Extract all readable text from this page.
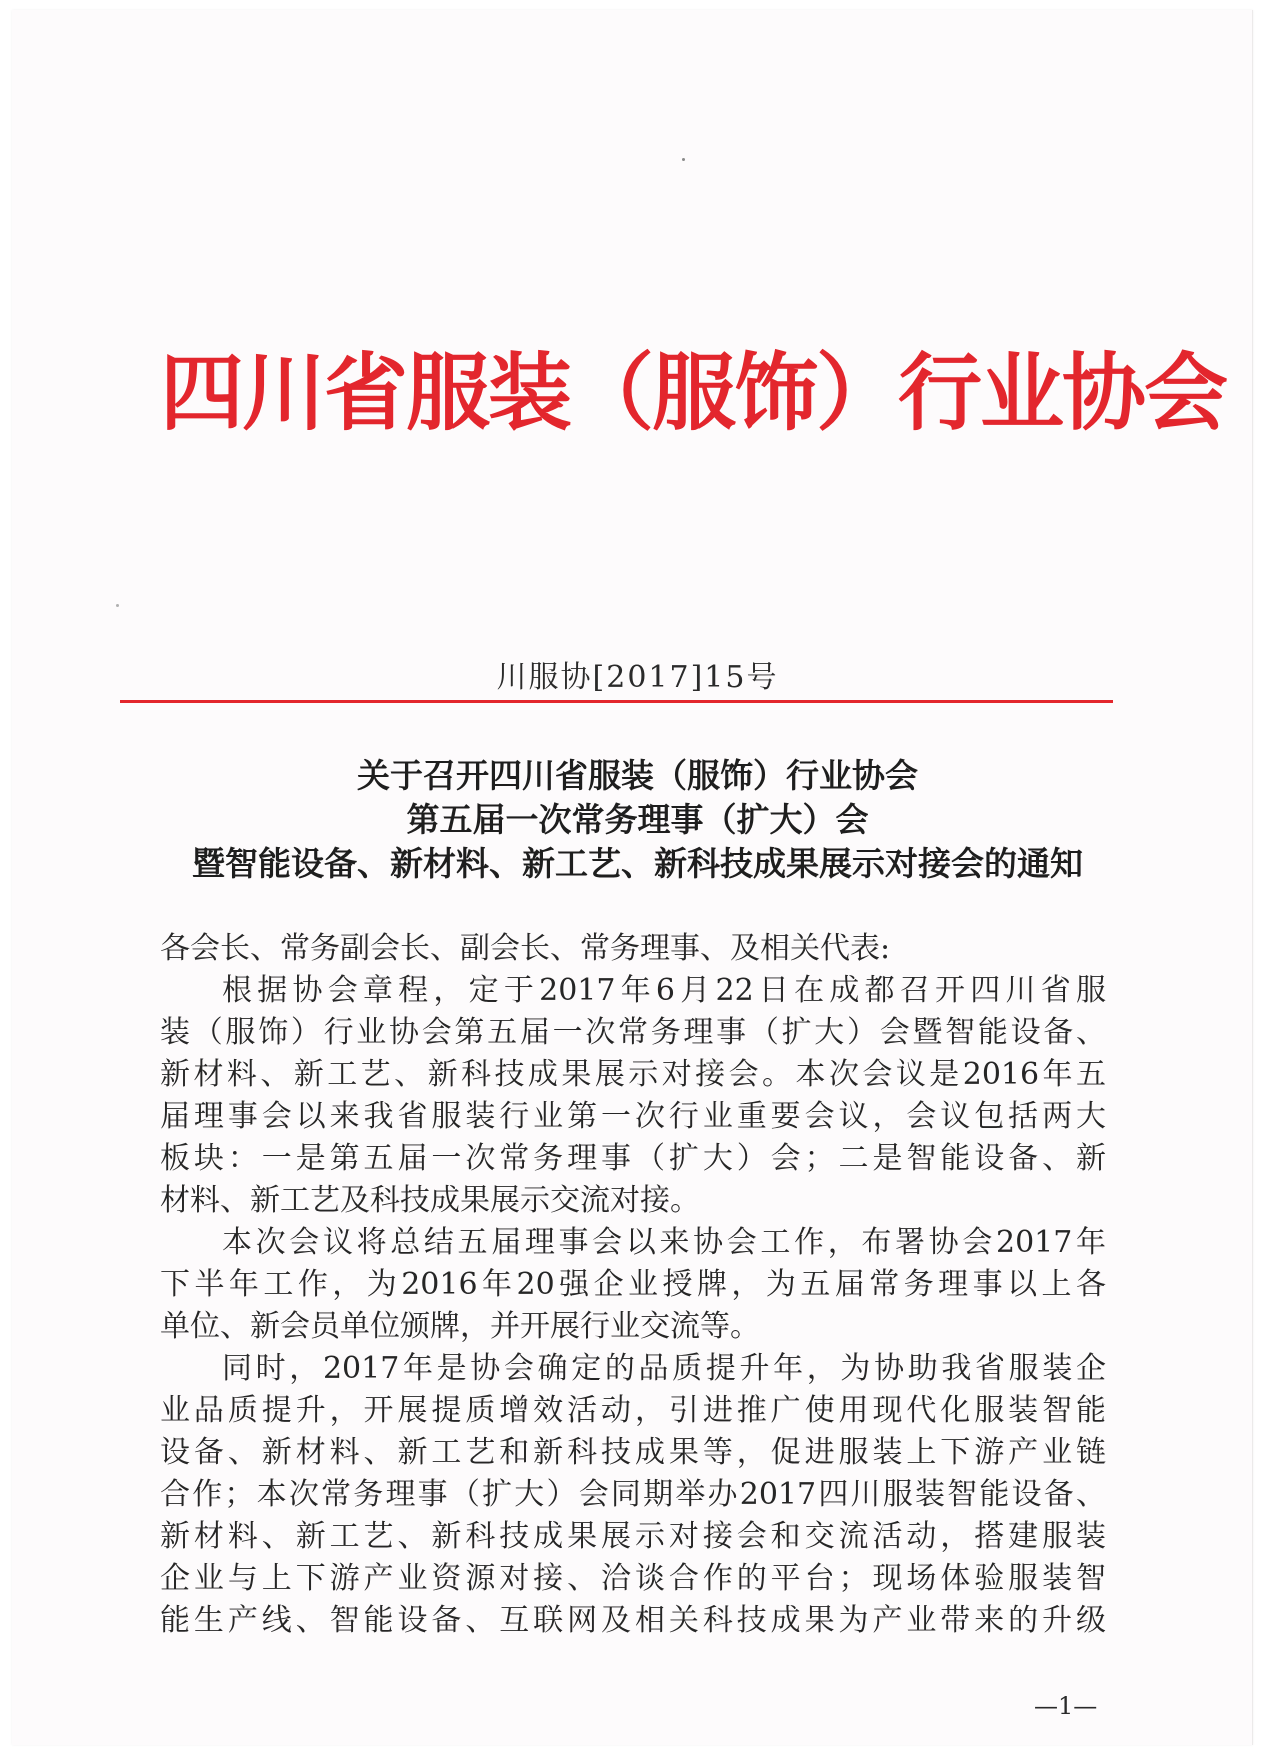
四川省服装（服饰）行业协会
川服协[2017]15号
关于召开四川省服装（服饰）行业协会
第五届一次常务理事（扩大）会
暨智能设备、新材料、新工艺、新科技成果展示对接会的通知
各会长、常务副会长、副会长、常务理事、及相关代表:
根据协会章程，定于2017年6月22日在成都召开四川省服
装（服饰）行业协会第五届一次常务理事（扩大）会暨智能设备、
新材料、新工艺、新科技成果展示对接会。本次会议是2016年五
届理事会以来我省服装行业第一次行业重要会议，会议包括两大
板块：一是第五届一次常务理事（扩大）会；二是智能设备、新
材料、新工艺及科技成果展示交流对接。
本次会议将总结五届理事会以来协会工作，布署协会2017年
下半年工作，为2016年20强企业授牌，为五届常务理事以上各
单位、新会员单位颁牌，并开展行业交流等。
同时，2017年是协会确定的品质提升年，为协助我省服装企
业品质提升，开展提质增效活动，引进推广使用现代化服装智能
设备、新材料、新工艺和新科技成果等，促进服装上下游产业链
合作；本次常务理事（扩大）会同期举办2017四川服装智能设备、
新材料、新工艺、新科技成果展示对接会和交流活动，搭建服装
企业与上下游产业资源对接、洽谈合作的平台；现场体验服装智
能生产线、智能设备、互联网及相关科技成果为产业带来的升级
—1—
